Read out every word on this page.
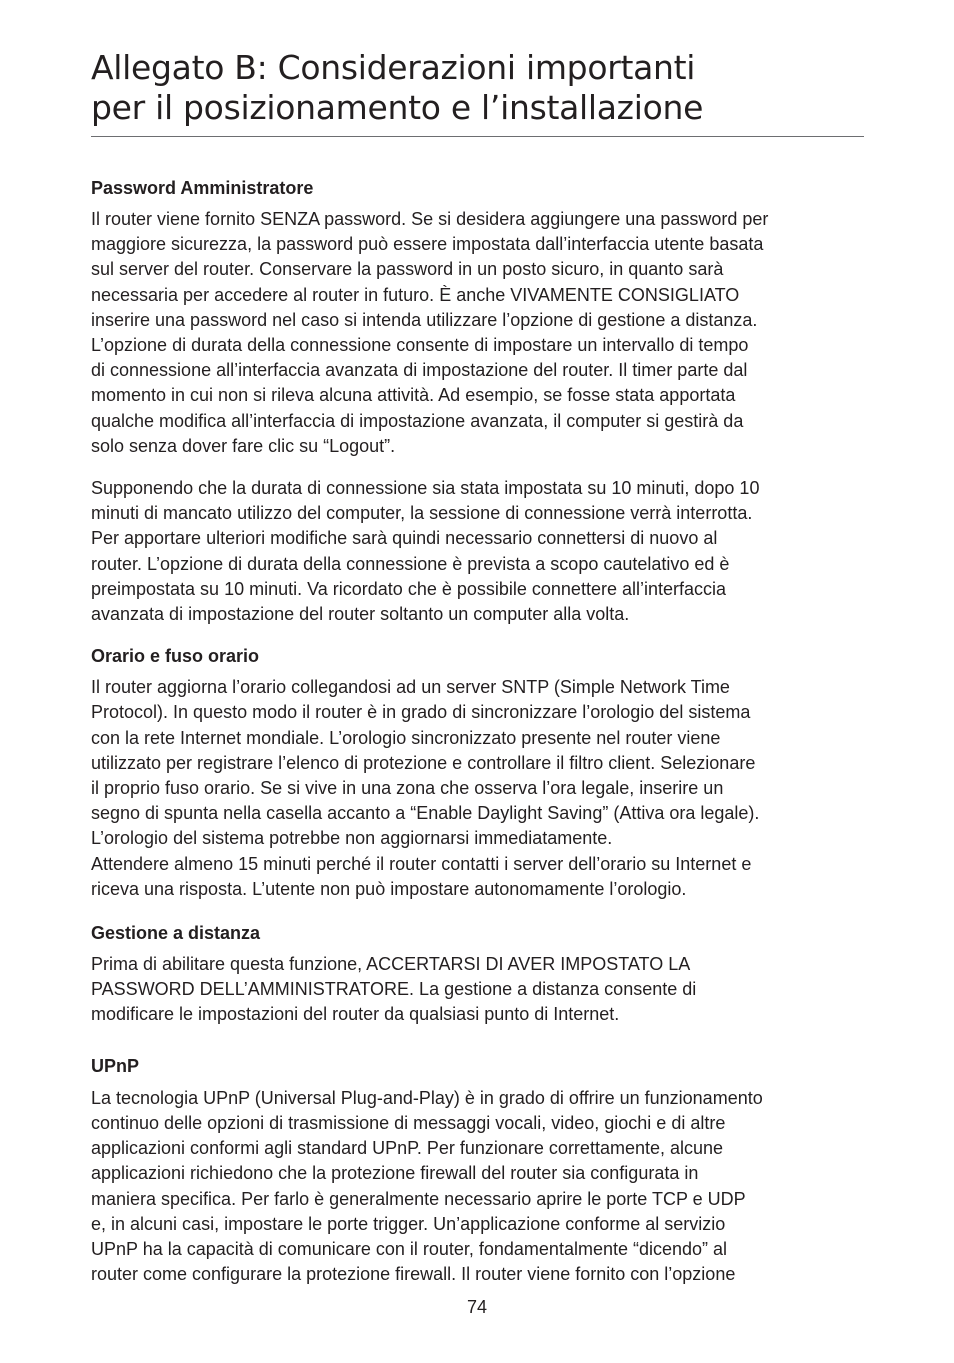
Allegato B: Considerazioni importanti
per il posizionamento e l’installazione
Password Amministratore

Il router viene fornito SENZA password. Se si desidera aggiungere una password per
maggiore sicurezza, la password può essere impostata dall’interfaccia utente basata
sul server del router. Conservare la password in un posto sicuro, in quanto sarà
necessaria per accedere al router in futuro. È anche VIVAMENTE CONSIGLIATO
inserire una password nel caso si intenda utilizzare l’opzione di gestione a distanza.
L’opzione di durata della connessione consente di impostare un intervallo di tempo
di connessione all’interfaccia avanzata di impostazione del router. Il timer parte dal
momento in cui non si rileva alcuna attività. Ad esempio, se fosse stata apportata
qualche modifica all’interfaccia di impostazione avanzata, il computer si gestirà da
solo senza dover fare clic su “Logout”.

Supponendo che la durata di connessione sia stata impostata su 10 minuti, dopo 10
minuti di mancato utilizzo del computer, la sessione di connessione verrà interrotta.
Per apportare ulteriori modifiche sarà quindi necessario connettersi di nuovo al
router. L’opzione di durata della connessione è prevista a scopo cautelativo ed è
preimpostata su 10 minuti. Va ricordato che è possibile connettere all’interfaccia
avanzata di impostazione del router soltanto un computer alla volta.

Orario e fuso orario

Il router aggiorna l’orario collegandosi ad un server SNTP (Simple Network Time
Protocol). In questo modo il router è in grado di sincronizzare l’orologio del sistema
con la rete Internet mondiale. L’orologio sincronizzato presente nel router viene
utilizzato per registrare l’elenco di protezione e controllare il filtro client. Selezionare
il proprio fuso orario. Se si vive in una zona che osserva l’ora legale, inserire un
segno di spunta nella casella accanto a “Enable Daylight Saving” (Attiva ora legale).
L’orologio del sistema potrebbe non aggiornarsi immediatamente.
Attendere almeno 15 minuti perché il router contatti i server dell’orario su Internet e
riceva una risposta. L’utente non può impostare autonomamente l’orologio.

Gestione a distanza

Prima di abilitare questa funzione, ACCERTARSI DI AVER IMPOSTATO LA
PASSWORD DELL’AMMINISTRATORE. La gestione a distanza consente di
modificare le impostazioni del router da qualsiasi punto di Internet.

UPnP

La tecnologia UPnP (Universal Plug-and-Play) è in grado di offrire un funzionamento
continuo delle opzioni di trasmissione di messaggi vocali, video, giochi e di altre
applicazioni conformi agli standard UPnP. Per funzionare correttamente, alcune
applicazioni richiedono che la protezione firewall del router sia configurata in
maniera specifica. Per farlo è generalmente necessario aprire le porte TCP e UDP
e, in alcuni casi, impostare le porte trigger. Un’applicazione conforme al servizio
UPnP ha la capacità di comunicare con il router, fondamentalmente “dicendo” al
router come configurare la protezione firewall. Il router viene fornito con l’opzione

74
